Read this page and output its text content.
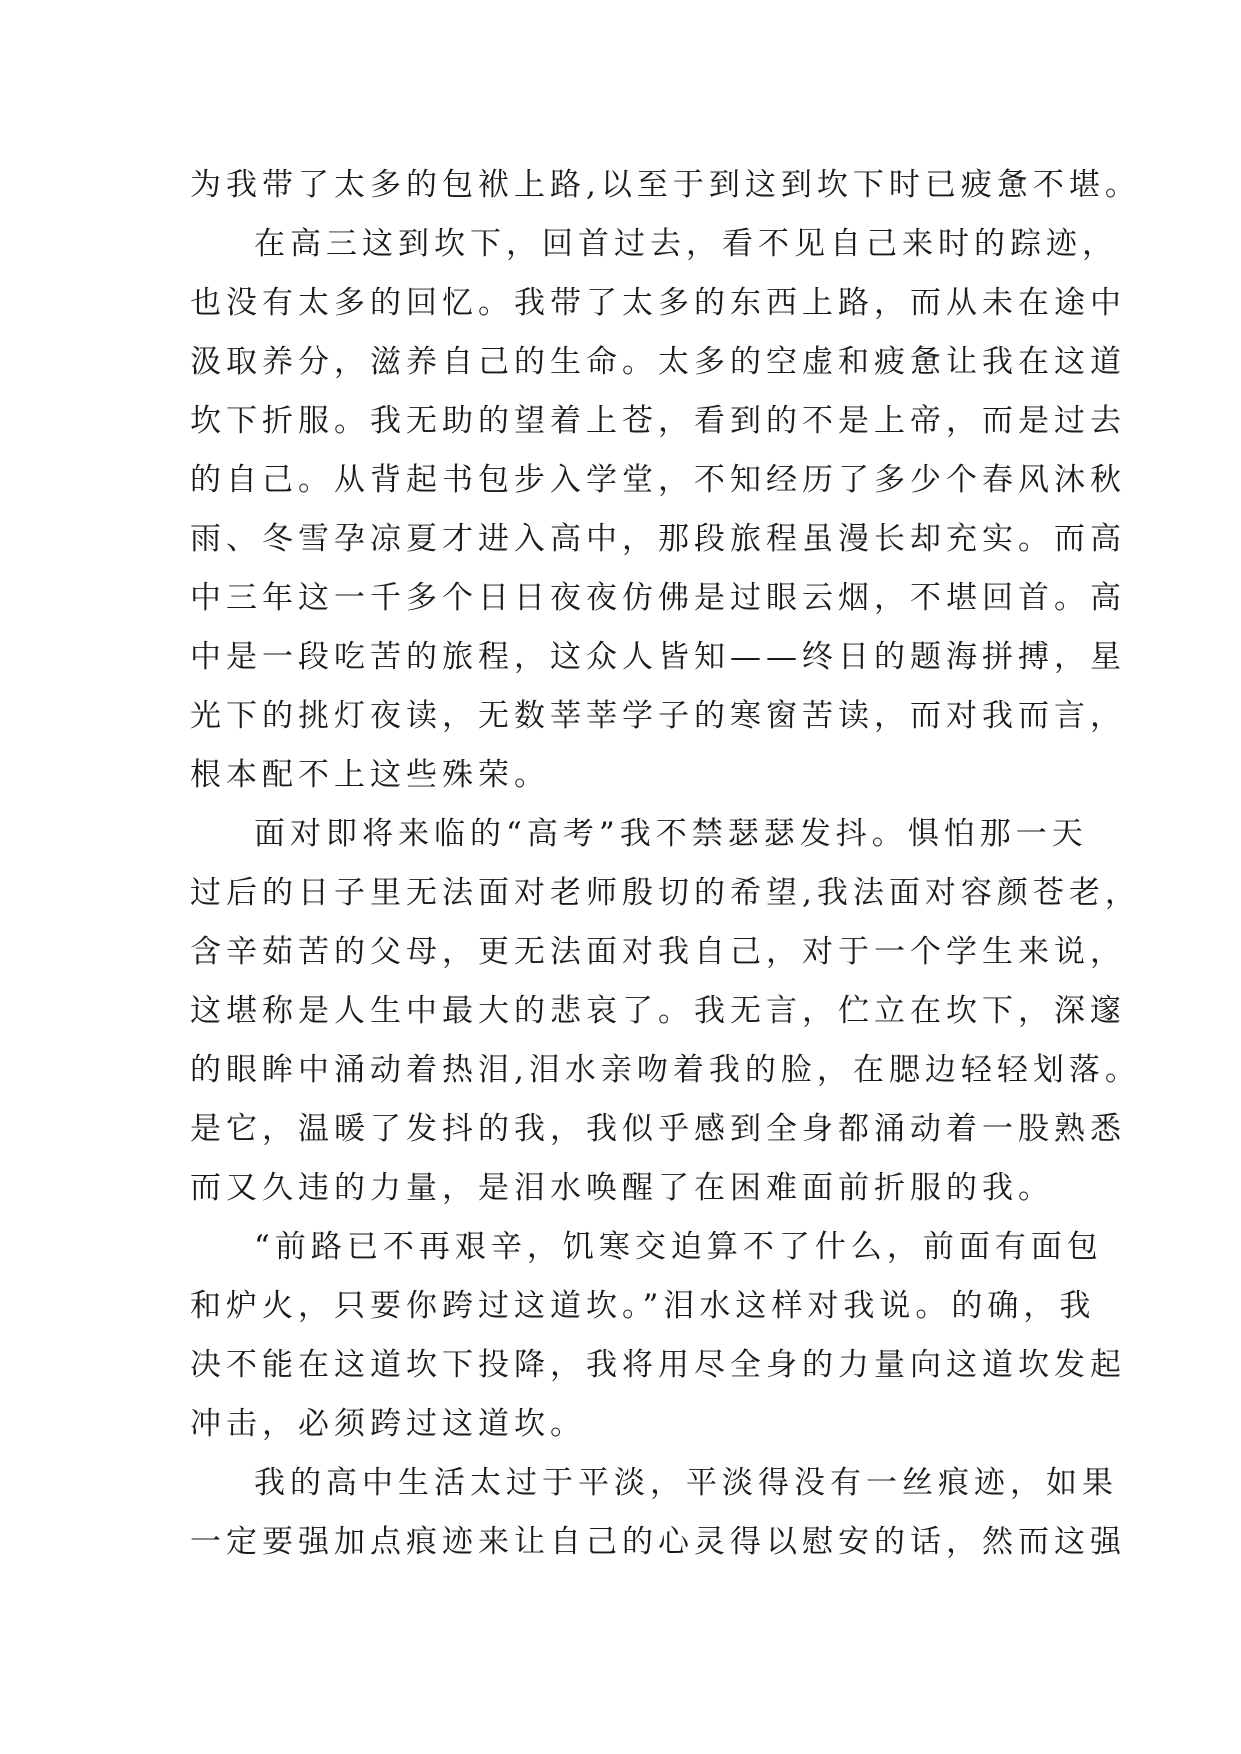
为我带了太多的包袱上路,以至于到这到坎下时已疲惫不堪。
在高三这到坎下，回首过去，看不见自己来时的踪迹，
也没有太多的回忆。我带了太多的东西上路，而从未在途中
汲取养分，滋养自己的生命。太多的空虚和疲惫让我在这道
坎下折服。我无助的望着上苍，看到的不是上帝，而是过去
的自己。从背起书包步入学堂，不知经历了多少个春风沐秋
雨、冬雪孕凉夏才进入高中，那段旅程虽漫长却充实。而高
中三年这一千多个日日夜夜仿佛是过眼云烟，不堪回首。高
中是一段吃苦的旅程，这众人皆知——终日的题海拼搏，星
光下的挑灯夜读，无数莘莘学子的寒窗苦读，而对我而言，
根本配不上这些殊荣。
面对即将来临的“高考”我不禁瑟瑟发抖。惧怕那一天
过后的日子里无法面对老师殷切的希望,我法面对容颜苍老，
含辛茹苦的父母，更无法面对我自己，对于一个学生来说，
这堪称是人生中最大的悲哀了。我无言，伫立在坎下，深邃
的眼眸中涌动着热泪,泪水亲吻着我的脸，在腮边轻轻划落。
是它，温暖了发抖的我，我似乎感到全身都涌动着一股熟悉
而又久违的力量，是泪水唤醒了在困难面前折服的我。
“前路已不再艰辛，饥寒交迫算不了什么，前面有面包
和炉火，只要你跨过这道坎。”泪水这样对我说。的确，我
决不能在这道坎下投降，我将用尽全身的力量向这道坎发起
冲击，必须跨过这道坎。
我的高中生活太过于平淡，平淡得没有一丝痕迹，如果
一定要强加点痕迹来让自己的心灵得以慰安的话，然而这强
